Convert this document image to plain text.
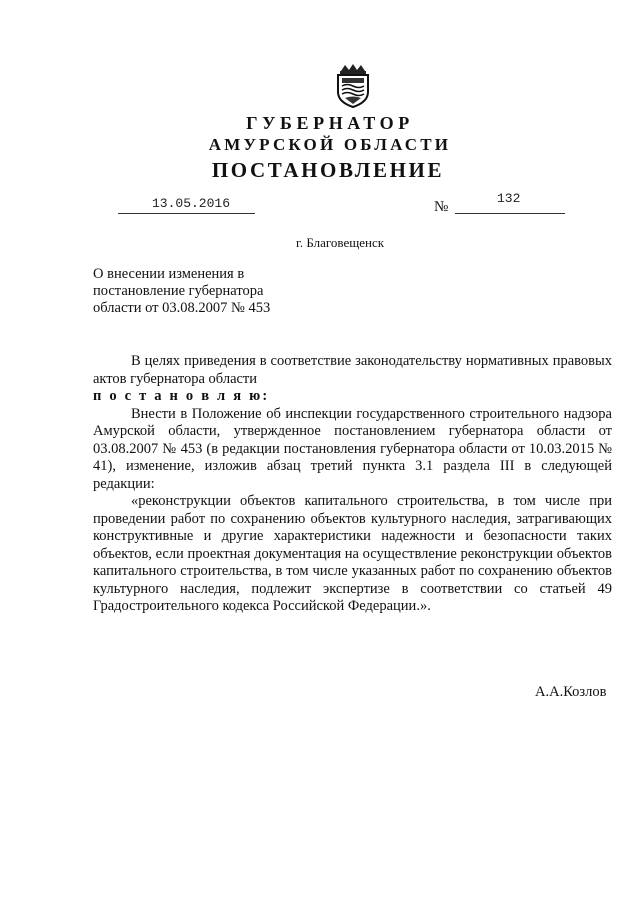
ГУБЕРНАТОР
АМУРСКОЙ ОБЛАСТИ
ПОСТАНОВЛЕНИЕ
13.05.2016	№
132
г. Благовещенск
О внесении изменения в постановление губернатора области от 03.08.2007 № 453

В целях приведения в соответствие законодательству нормативных правовых актов губернатора области

п о с т а н о в л я ю:

Внести в Положение об инспекции государственного строительного надзора Амурской области, утвержденное постановлением губернатора области от 03.08.2007 № 453 (в редакции постановления губернатора области от 10.03.2015 № 41), изменение, изложив абзац третий пункта 3.1 раздела III в следующей редакции:

«реконструкции объектов капитального строительства, в том числе при проведении работ по сохранению объектов культурного наследия, затрагивающих конструктивные и другие характеристики надежности и безопасности таких объектов, если проектная документация на осуществление реконструкции объектов капитального строительства, в том числе указанных работ по сохранению объектов культурного наследия, подлежит экспертизе в соответствии со статьей 49 Градостроительного кодекса Российской Федерации.».

А.А.Козлов
